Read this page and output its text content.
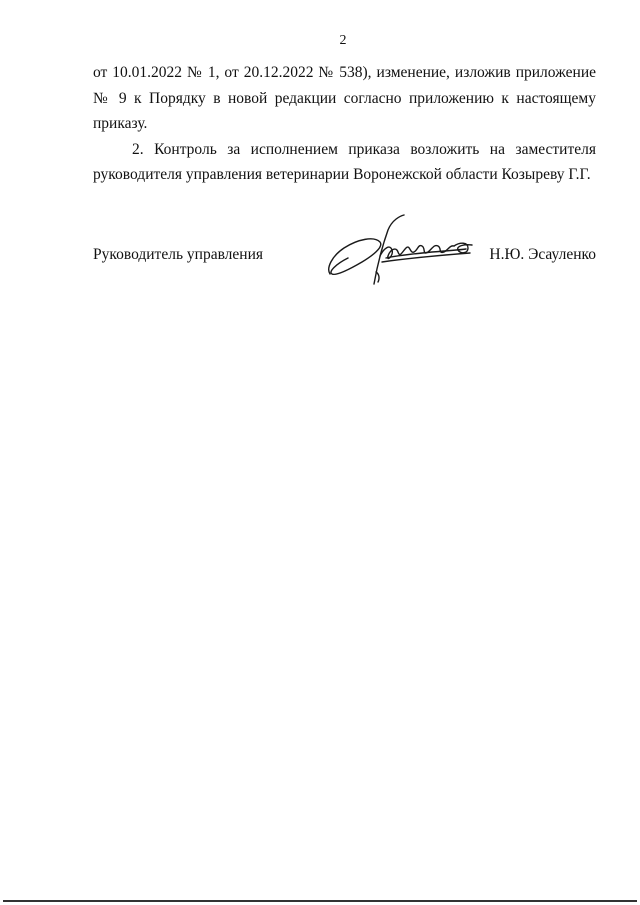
2

от 10.01.2022 № 1, от 20.12.2022 № 538), изменение, изложив приложение № 9 к Порядку в новой редакции согласно приложению к настоящему приказу.

2. Контроль за исполнением приказа возложить на заместителя руководителя управления ветеринарии Воронежской области Козыреву Г.Г.

Руководитель управления	Н.Ю. Эсауленко
